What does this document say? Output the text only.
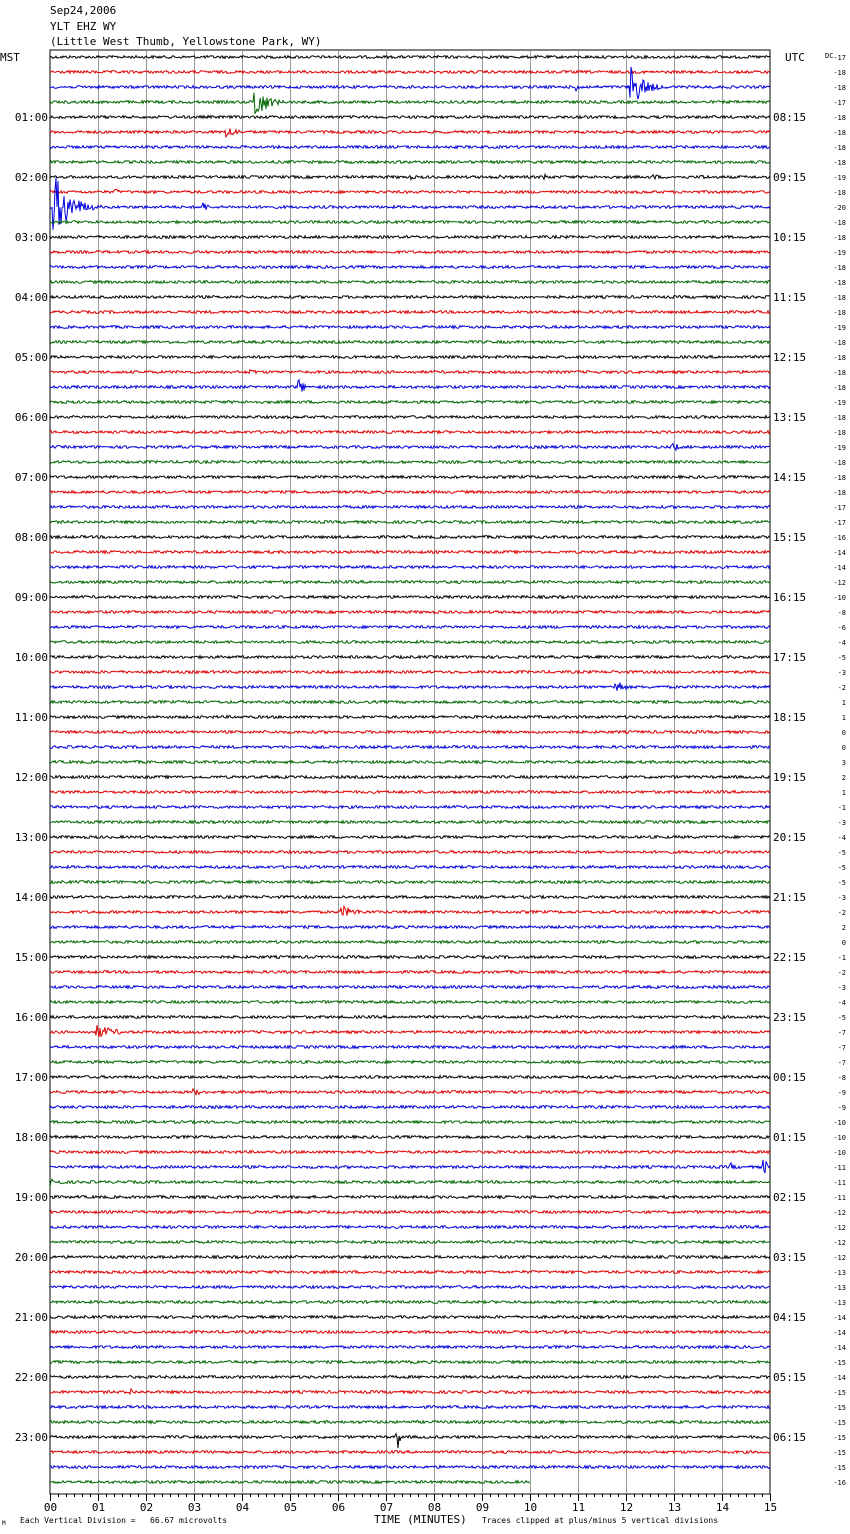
Sep24,2006
YLT EHZ WY
(Little West Thumb, Yellowstone Park, WY)
-17
-18
-18
-17
-18
-18
-18
-18
-19
-18
-20
-18
-18
-19
-18
-18
-18
-18
-19
-18
-18
-18
-18
-19
-18
-18
-19
-18
-18
-18
-17
-17
-16
-14
-14
-12
-10
-8
-6
-4
-5
-3
-2
1
1
0
0
3
2
1
-1
-3
-4
-5
-5
-5
-3
-2
2
0
-1
-2
-3
-4
-5
-7
-7
-7
-8
-9
-9
-10
-10
-10
-11
-11
-11
-12
-12
-12
-12
-13
-13
-13
-14
-14
-14
-15
-14
-15
-15
-15
-15
-15
-15
-16
01:00	08:15
02:00	09:15
03:00	10:15
04:00	11:15
05:00	12:15
06:00	13:15
07:00	14:15
08:00	15:15
09:00	16:15
10:00	17:15
11:00	18:15
12:00	19:15
13:00	20:15
14:00	21:15
15:00	22:15
16:00	23:15
17:00	00:15
18:00	01:15
19:00	02:15
20:00	03:15
21:00	04:15
22:00	05:15
23:00	06:15
00	01	02	03	04	05	06	07	08	09	10	11	12	13	14	15
MST	UTC	DC
M Each Vertical Division =   66.67 microvolts	TIME (MINUTES) Traces clipped at plus/minus 5 vertical divisions
